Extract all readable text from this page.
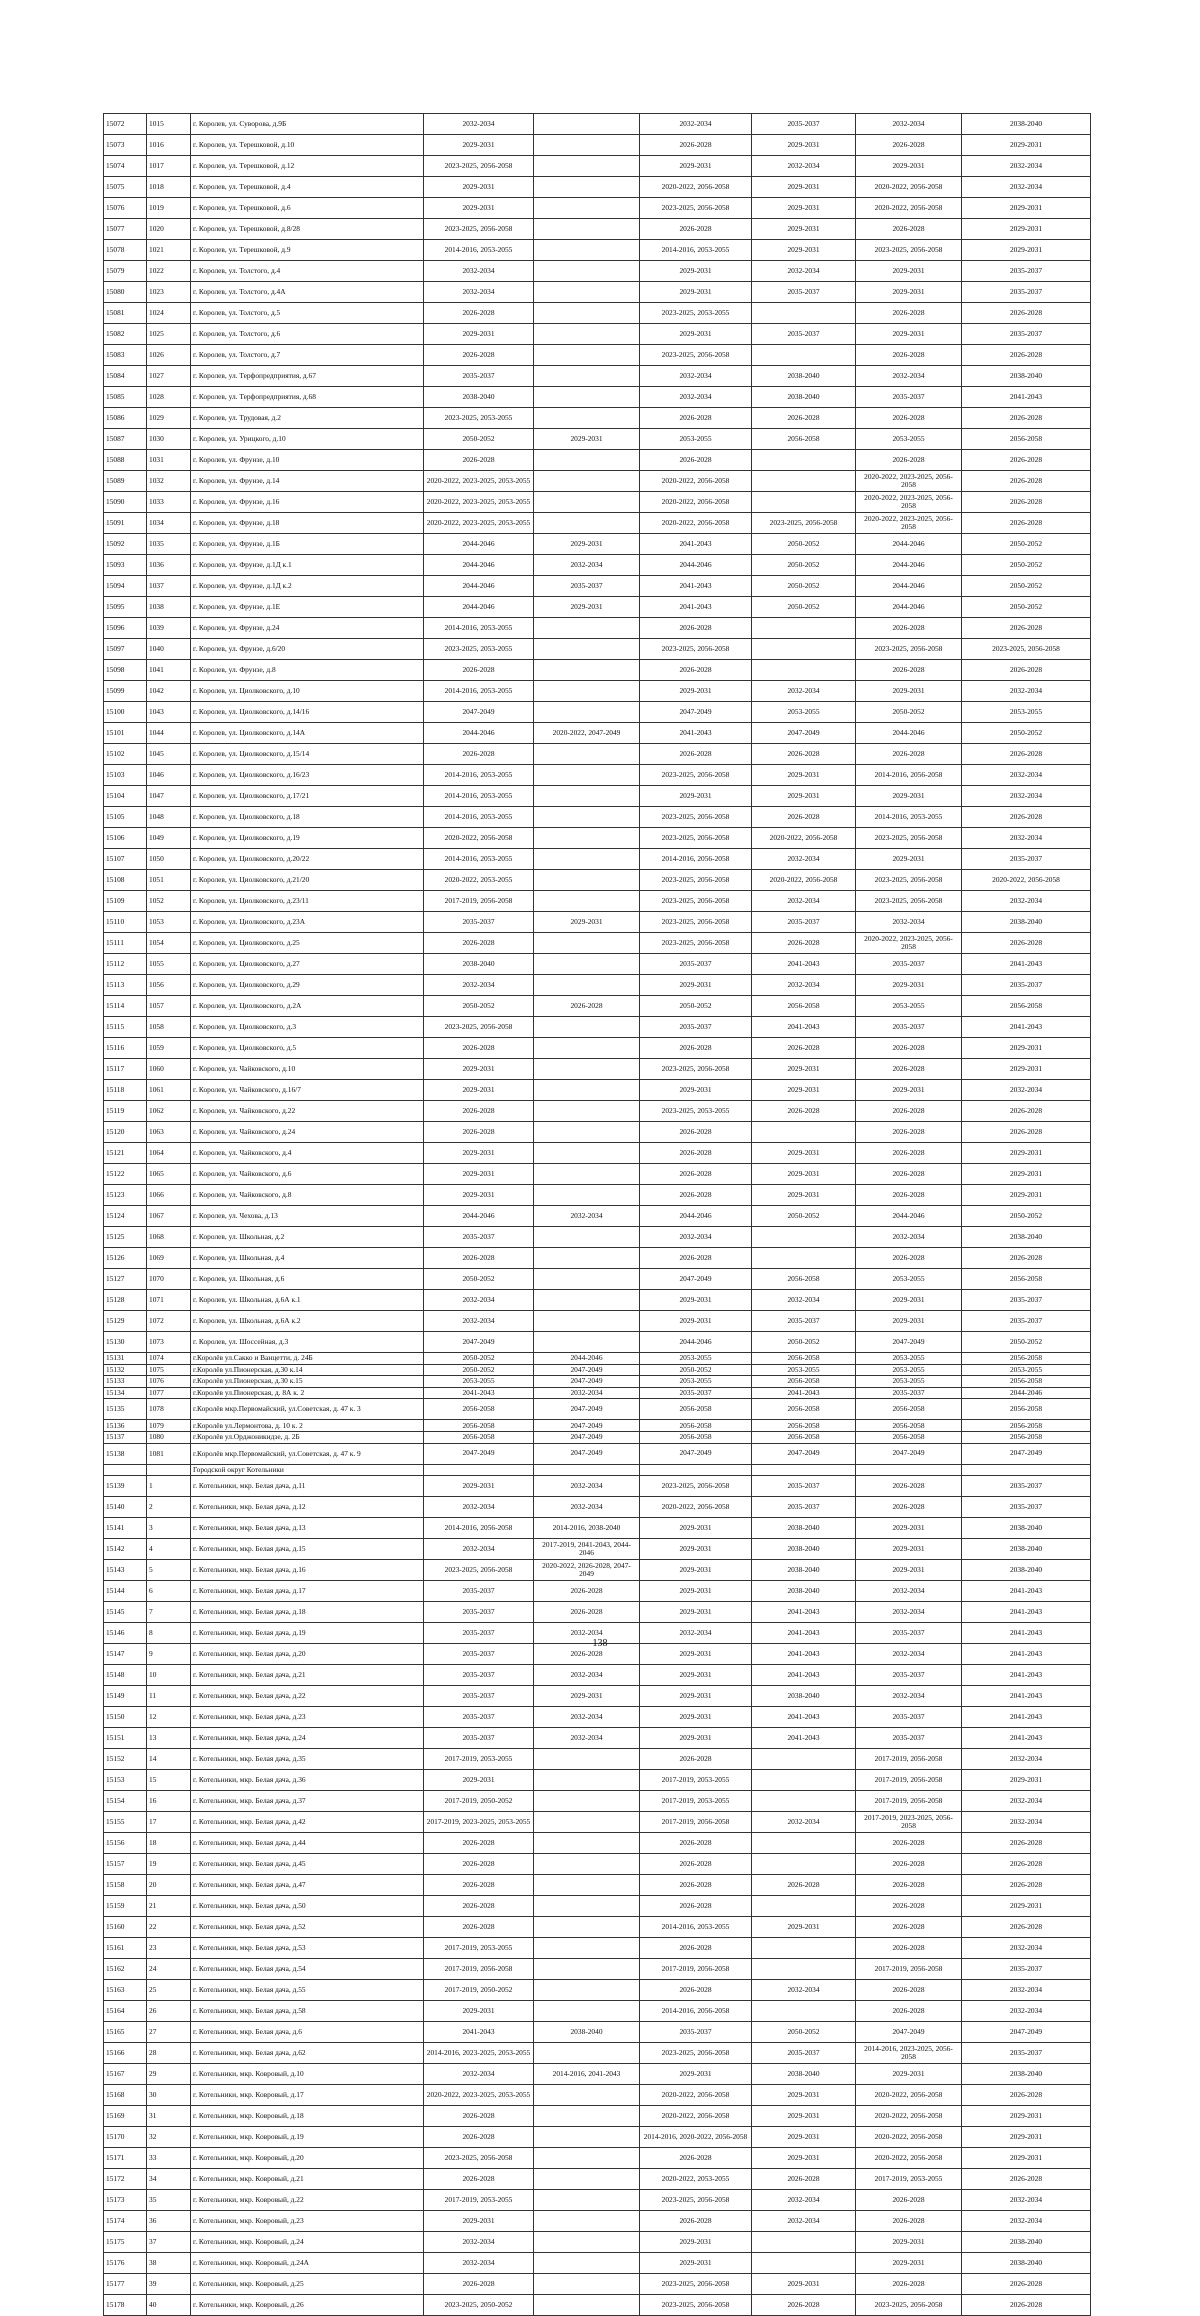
15072	1015	г. Королев, ул. Суворова, д.9Б	2032-2034		2032-2034	2035-2037	2032-2034	2038-2040
15073	1016	г. Королев, ул. Терешковой, д.10	2029-2031		2026-2028	2029-2031	2026-2028	2029-2031
15074	1017	г. Королев, ул. Терешковой, д.12	2023-2025, 2056-2058		2029-2031	2032-2034	2029-2031	2032-2034
15075	1018	г. Королев, ул. Терешковой, д.4	2029-2031		2020-2022, 2056-2058	2029-2031	2020-2022, 2056-2058	2032-2034
15076	1019	г. Королев, ул. Терешковой, д.6	2029-2031		2023-2025, 2056-2058	2029-2031	2020-2022, 2056-2058	2029-2031
15077	1020	г. Королев, ул. Терешковой, д.8/28	2023-2025, 2056-2058		2026-2028	2029-2031	2026-2028	2029-2031
15078	1021	г. Королев, ул. Терешковой, д.9	2014-2016, 2053-2055		2014-2016, 2053-2055	2029-2031	2023-2025, 2056-2058	2029-2031
15079	1022	г. Королев, ул. Толстого, д.4	2032-2034		2029-2031	2032-2034	2029-2031	2035-2037
15080	1023	г. Королев, ул. Толстого, д.4А	2032-2034		2029-2031	2035-2037	2029-2031	2035-2037
15081	1024	г. Королев, ул. Толстого, д.5	2026-2028		2023-2025, 2053-2055		2026-2028	2026-2028
15082	1025	г. Королев, ул. Толстого, д.6	2029-2031		2029-2031	2035-2037	2029-2031	2035-2037
15083	1026	г. Королев, ул. Толстого, д.7	2026-2028		2023-2025, 2056-2058		2026-2028	2026-2028
15084	1027	г. Королев, ул. Терфопредприятия, д.67	2035-2037		2032-2034	2038-2040	2032-2034	2038-2040
15085	1028	г. Королев, ул. Терфопредприятия, д.68	2038-2040		2032-2034	2038-2040	2035-2037	2041-2043
15086	1029	г. Королев, ул. Трудовая, д.2	2023-2025, 2053-2055		2026-2028	2026-2028	2026-2028	2026-2028
15087	1030	г. Королев, ул. Урицкого, д.10	2050-2052	2029-2031	2053-2055	2056-2058	2053-2055	2056-2058
15088	1031	г. Королев, ул. Фрунзе, д.10	2026-2028		2026-2028		2026-2028	2026-2028
15089	1032	г. Королев, ул. Фрунзе, д.14	2020-2022, 2023-2025, 2053-2055		2020-2022, 2056-2058		2020-2022, 2023-2025, 2056-2058	2026-2028
15090	1033	г. Королев, ул. Фрунзе, д.16	2020-2022, 2023-2025, 2053-2055		2020-2022, 2056-2058		2020-2022, 2023-2025, 2056-2058	2026-2028
15091	1034	г. Королев, ул. Фрунзе, д.18	2020-2022, 2023-2025, 2053-2055		2020-2022, 2056-2058	2023-2025, 2056-2058	2020-2022, 2023-2025, 2056-2058	2026-2028
15092	1035	г. Королев, ул. Фрунзе, д.1Б	2044-2046	2029-2031	2041-2043	2050-2052	2044-2046	2050-2052
15093	1036	г. Королев, ул. Фрунзе, д.1Д к.1	2044-2046	2032-2034	2044-2046	2050-2052	2044-2046	2050-2052
15094	1037	г. Королев, ул. Фрунзе, д.1Д к.2	2044-2046	2035-2037	2041-2043	2050-2052	2044-2046	2050-2052
15095	1038	г. Королев, ул. Фрунзе, д.1Е	2044-2046	2029-2031	2041-2043	2050-2052	2044-2046	2050-2052
15096	1039	г. Королев, ул. Фрунзе, д.24	2014-2016, 2053-2055		2026-2028		2026-2028	2026-2028
15097	1040	г. Королев, ул. Фрунзе, д.6/20	2023-2025, 2053-2055		2023-2025, 2056-2058		2023-2025, 2056-2058	2023-2025, 2056-2058
15098	1041	г. Королев, ул. Фрунзе, д.8	2026-2028		2026-2028		2026-2028	2026-2028
15099	1042	г. Королев, ул. Циолковского, д.10	2014-2016, 2053-2055		2029-2031	2032-2034	2029-2031	2032-2034
15100	1043	г. Королев, ул. Циолковского, д.14/16	2047-2049		2047-2049	2053-2055	2050-2052	2053-2055
15101	1044	г. Королев, ул. Циолковского, д.14А	2044-2046	2020-2022, 2047-2049	2041-2043	2047-2049	2044-2046	2050-2052
15102	1045	г. Королев, ул. Циолковского, д.15/14	2026-2028		2026-2028	2026-2028	2026-2028	2026-2028
15103	1046	г. Королев, ул. Циолковского, д.16/23	2014-2016, 2053-2055		2023-2025, 2056-2058	2029-2031	2014-2016, 2056-2058	2032-2034
15104	1047	г. Королев, ул. Циолковского, д.17/21	2014-2016, 2053-2055		2029-2031	2029-2031	2029-2031	2032-2034
15105	1048	г. Королев, ул. Циолковского, д.18	2014-2016, 2053-2055		2023-2025, 2056-2058	2026-2028	2014-2016, 2053-2055	2026-2028
15106	1049	г. Королев, ул. Циолковского, д.19	2020-2022, 2056-2058		2023-2025, 2056-2058	2020-2022, 2056-2058	2023-2025, 2056-2058	2032-2034
15107	1050	г. Королев, ул. Циолковского, д.20/22	2014-2016, 2053-2055		2014-2016, 2056-2058	2032-2034	2029-2031	2035-2037
15108	1051	г. Королев, ул. Циолковского, д.21/20	2020-2022, 2053-2055		2023-2025, 2056-2058	2020-2022, 2056-2058	2023-2025, 2056-2058	2020-2022, 2056-2058
15109	1052	г. Королев, ул. Циолковского, д.23/11	2017-2019, 2056-2058		2023-2025, 2056-2058	2032-2034	2023-2025, 2056-2058	2032-2034
15110	1053	г. Королев, ул. Циолковского, д.23А	2035-2037	2029-2031	2023-2025, 2056-2058	2035-2037	2032-2034	2038-2040
15111	1054	г. Королев, ул. Циолковского, д.25	2026-2028		2023-2025, 2056-2058	2026-2028	2020-2022, 2023-2025, 2056-2058	2026-2028
15112	1055	г. Королев, ул. Циолковского, д.27	2038-2040		2035-2037	2041-2043	2035-2037	2041-2043
15113	1056	г. Королев, ул. Циолковского, д.29	2032-2034		2029-2031	2032-2034	2029-2031	2035-2037
15114	1057	г. Королев, ул. Циолковского, д.2А	2050-2052	2026-2028	2050-2052	2056-2058	2053-2055	2056-2058
15115	1058	г. Королев, ул. Циолковского, д.3	2023-2025, 2056-2058		2035-2037	2041-2043	2035-2037	2041-2043
15116	1059	г. Королев, ул. Циолковского, д.5	2026-2028		2026-2028	2026-2028	2026-2028	2029-2031
15117	1060	г. Королев, ул. Чайковского, д.10	2029-2031		2023-2025, 2056-2058	2029-2031	2026-2028	2029-2031
15118	1061	г. Королев, ул. Чайковского, д.16/7	2029-2031		2029-2031	2029-2031	2029-2031	2032-2034
15119	1062	г. Королев, ул. Чайковского, д.22	2026-2028		2023-2025, 2053-2055	2026-2028	2026-2028	2026-2028
15120	1063	г. Королев, ул. Чайковского, д.24	2026-2028		2026-2028		2026-2028	2026-2028
15121	1064	г. Королев, ул. Чайковского, д.4	2029-2031		2026-2028	2029-2031	2026-2028	2029-2031
15122	1065	г. Королев, ул. Чайковского, д.6	2029-2031		2026-2028	2029-2031	2026-2028	2029-2031
15123	1066	г. Королев, ул. Чайковского, д.8	2029-2031		2026-2028	2029-2031	2026-2028	2029-2031
15124	1067	г. Королев, ул. Чехова, д.13	2044-2046	2032-2034	2044-2046	2050-2052	2044-2046	2050-2052
15125	1068	г. Королев, ул. Школьная, д.2	2035-2037		2032-2034		2032-2034	2038-2040
15126	1069	г. Королев, ул. Школьная, д.4	2026-2028		2026-2028		2026-2028	2026-2028
15127	1070	г. Королев, ул. Школьная, д.6	2050-2052		2047-2049	2056-2058	2053-2055	2056-2058
15128	1071	г. Королев, ул. Школьная, д.6А к.1	2032-2034		2029-2031	2032-2034	2029-2031	2035-2037
15129	1072	г. Королев, ул. Школьная, д.6А к.2	2032-2034		2029-2031	2035-2037	2029-2031	2035-2037
15130	1073	г. Королев, ул. Шоссейная, д.3	2047-2049		2044-2046	2050-2052	2047-2049	2050-2052
15131	1074	г.Королёв ул.Сакко и Ванцетти, д. 24Б	2050-2052	2044-2046	2053-2055	2056-2058	2053-2055	2056-2058
15132	1075	г.Королёв ул.Пионерская, д.30 к.14	2050-2052	2047-2049	2050-2052	2053-2055	2053-2055	2053-2055
15133	1076	г.Королёв ул.Пионерская, д.30 к.15	2053-2055	2047-2049	2053-2055	2056-2058	2053-2055	2056-2058
15134	1077	г.Королёв ул.Пионерская, д. 8А к. 2	2041-2043	2032-2034	2035-2037	2041-2043	2035-2037	2044-2046
15135	1078	г.Королёв мкр.Первомайский, ул.Советская, д. 47 к. 3	2056-2058	2047-2049	2056-2058	2056-2058	2056-2058	2056-2058
15136	1079	г.Королёв ул.Лермонтова, д. 10 к. 2	2056-2058	2047-2049	2056-2058	2056-2058	2056-2058	2056-2058
15137	1080	г.Королёв ул.Орджоникидзе, д. 2Б	2056-2058	2047-2049	2056-2058	2056-2058	2056-2058	2056-2058
15138	1081	г.Королёв мкр.Первомайский, ул.Советская, д. 47 к. 9	2047-2049	2047-2049	2047-2049	2047-2049	2047-2049	2047-2049
		Городской округ Котельники						
15139	1	г. Котельники, мкр. Белая дача, д.11	2029-2031	2032-2034	2023-2025, 2056-2058	2035-2037	2026-2028	2035-2037
15140	2	г. Котельники, мкр. Белая дача, д.12	2032-2034	2032-2034	2020-2022, 2056-2058	2035-2037	2026-2028	2035-2037
15141	3	г. Котельники, мкр. Белая дача, д.13	2014-2016, 2056-2058	2014-2016, 2038-2040	2029-2031	2038-2040	2029-2031	2038-2040
15142	4	г. Котельники, мкр. Белая дача, д.15	2032-2034	2017-2019, 2041-2043, 2044-2046	2029-2031	2038-2040	2029-2031	2038-2040
15143	5	г. Котельники, мкр. Белая дача, д.16	2023-2025, 2056-2058	2020-2022, 2026-2028, 2047-2049	2029-2031	2038-2040	2029-2031	2038-2040
15144	6	г. Котельники, мкр. Белая дача, д.17	2035-2037	2026-2028	2029-2031	2038-2040	2032-2034	2041-2043
15145	7	г. Котельники, мкр. Белая дача, д.18	2035-2037	2026-2028	2029-2031	2041-2043	2032-2034	2041-2043
15146	8	г. Котельники, мкр. Белая дача, д.19	2035-2037	2032-2034	2032-2034	2041-2043	2035-2037	2041-2043
15147	9	г. Котельники, мкр. Белая дача, д.20	2035-2037	2026-2028	2029-2031	2041-2043	2032-2034	2041-2043
15148	10	г. Котельники, мкр. Белая дача, д.21	2035-2037	2032-2034	2029-2031	2041-2043	2035-2037	2041-2043
15149	11	г. Котельники, мкр. Белая дача, д.22	2035-2037	2029-2031	2029-2031	2038-2040	2032-2034	2041-2043
15150	12	г. Котельники, мкр. Белая дача, д.23	2035-2037	2032-2034	2029-2031	2041-2043	2035-2037	2041-2043
15151	13	г. Котельники, мкр. Белая дача, д.24	2035-2037	2032-2034	2029-2031	2041-2043	2035-2037	2041-2043
15152	14	г. Котельники, мкр. Белая дача, д.35	2017-2019, 2053-2055		2026-2028		2017-2019, 2056-2058	2032-2034
15153	15	г. Котельники, мкр. Белая дача, д.36	2029-2031		2017-2019, 2053-2055		2017-2019, 2056-2058	2029-2031
15154	16	г. Котельники, мкр. Белая дача, д.37	2017-2019, 2050-2052		2017-2019, 2053-2055		2017-2019, 2056-2058	2032-2034
15155	17	г. Котельники, мкр. Белая дача, д.42	2017-2019, 2023-2025, 2053-2055		2017-2019, 2056-2058	2032-2034	2017-2019, 2023-2025, 2056-2058	2032-2034
15156	18	г. Котельники, мкр. Белая дача, д.44	2026-2028		2026-2028		2026-2028	2026-2028
15157	19	г. Котельники, мкр. Белая дача, д.45	2026-2028		2026-2028		2026-2028	2026-2028
15158	20	г. Котельники, мкр. Белая дача, д.47	2026-2028		2026-2028	2026-2028	2026-2028	2026-2028
15159	21	г. Котельники, мкр. Белая дача, д.50	2026-2028		2026-2028		2026-2028	2029-2031
15160	22	г. Котельники, мкр. Белая дача, д.52	2026-2028		2014-2016, 2053-2055	2029-2031	2026-2028	2026-2028
15161	23	г. Котельники, мкр. Белая дача, д.53	2017-2019, 2053-2055		2026-2028		2026-2028	2032-2034
15162	24	г. Котельники, мкр. Белая дача, д.54	2017-2019, 2056-2058		2017-2019, 2056-2058		2017-2019, 2056-2058	2035-2037
15163	25	г. Котельники, мкр. Белая дача, д.55	2017-2019, 2050-2052		2026-2028	2032-2034	2026-2028	2032-2034
15164	26	г. Котельники, мкр. Белая дача, д.58	2029-2031		2014-2016, 2056-2058		2026-2028	2032-2034
15165	27	г. Котельники, мкр. Белая дача, д.6	2041-2043	2038-2040	2035-2037	2050-2052	2047-2049	2047-2049
15166	28	г. Котельники, мкр. Белая дача, д.62	2014-2016, 2023-2025, 2053-2055		2023-2025, 2056-2058	2035-2037	2014-2016, 2023-2025, 2056-2058	2035-2037
15167	29	г. Котельники, мкр. Ковровый, д.10	2032-2034	2014-2016, 2041-2043	2029-2031	2038-2040	2029-2031	2038-2040
15168	30	г. Котельники, мкр. Ковровый, д.17	2020-2022, 2023-2025, 2053-2055		2020-2022, 2056-2058	2029-2031	2020-2022, 2056-2058	2026-2028
15169	31	г. Котельники, мкр. Ковровый, д.18	2026-2028		2020-2022, 2056-2058	2029-2031	2020-2022, 2056-2058	2029-2031
15170	32	г. Котельники, мкр. Ковровый, д.19	2026-2028		2014-2016, 2020-2022, 2056-2058	2029-2031	2020-2022, 2056-2058	2029-2031
15171	33	г. Котельники, мкр. Ковровый, д.20	2023-2025, 2056-2058		2026-2028	2029-2031	2020-2022, 2056-2058	2029-2031
15172	34	г. Котельники, мкр. Ковровый, д.21	2026-2028		2020-2022, 2053-2055	2026-2028	2017-2019, 2053-2055	2026-2028
15173	35	г. Котельники, мкр. Ковровый, д.22	2017-2019, 2053-2055		2023-2025, 2056-2058	2032-2034	2026-2028	2032-2034
15174	36	г. Котельники, мкр. Ковровый, д.23	2029-2031		2026-2028	2032-2034	2026-2028	2032-2034
15175	37	г. Котельники, мкр. Ковровый, д.24	2032-2034		2029-2031		2029-2031	2038-2040
15176	38	г. Котельники, мкр. Ковровый, д.24А	2032-2034		2029-2031		2029-2031	2038-2040
15177	39	г. Котельники, мкр. Ковровый, д.25	2026-2028		2023-2025, 2056-2058	2029-2031	2026-2028	2026-2028
15178	40	г. Котельники, мкр. Ковровый, д.26	2023-2025, 2050-2052		2023-2025, 2056-2058	2026-2028	2023-2025, 2056-2058	2026-2028
138
